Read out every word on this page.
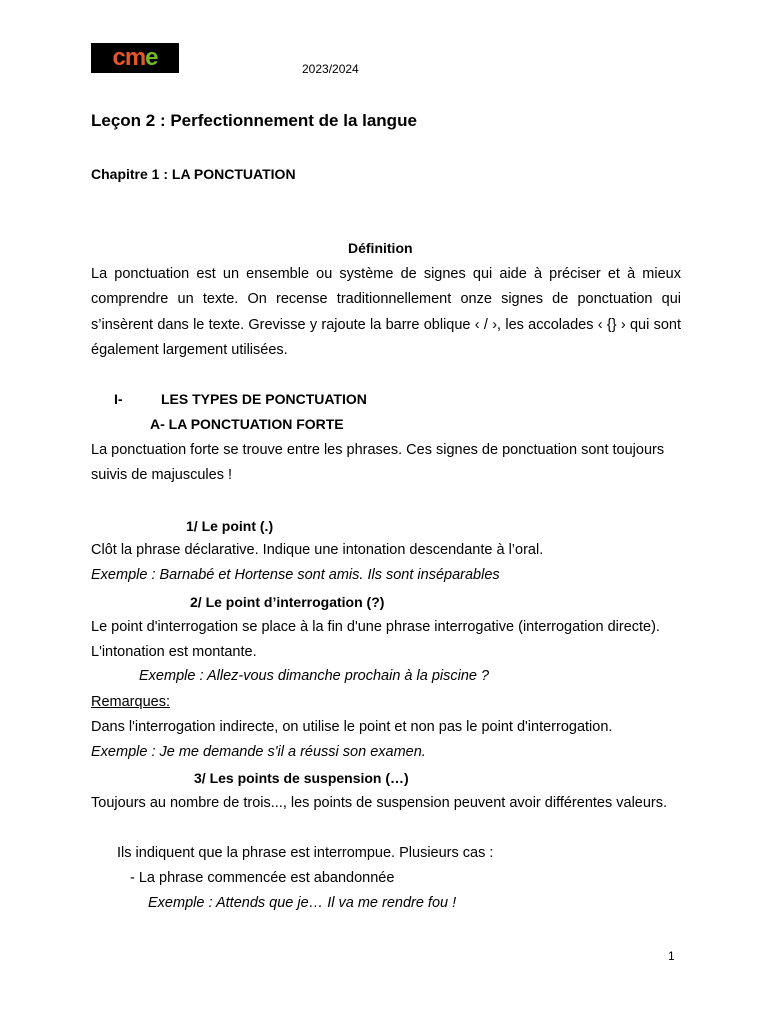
cme	2023/2024
Leçon 2 : Perfectionnement de la langue
Chapitre 1 : LA PONCTUATION
Définition
La ponctuation est un ensemble ou système de signes qui aide à préciser et à mieux comprendre un texte. On recense traditionnellement onze signes de ponctuation qui s’insèrent dans le texte. Grevisse y rajoute la barre oblique ‹ / ›, les accolades ‹ {} › qui sont également largement utilisées.
I-	LES TYPES DE PONCTUATION
A- LA PONCTUATION FORTE
La ponctuation forte se trouve entre les phrases. Ces signes de ponctuation sont toujours suivis de majuscules !
1/ Le point (.)
Clôt la phrase déclarative. Indique une intonation descendante à l’oral.
Exemple : Barnabé et Hortense sont amis. Ils sont inséparables
2/ Le point d’interrogation (?)
Le point d'interrogation se place à la fin d'une phrase interrogative (interrogation directe). L'intonation est montante.
Exemple : Allez-vous dimanche prochain à la piscine ?
Remarques:
Dans l'interrogation indirecte, on utilise le point et non pas le point d'interrogation.
Exemple : Je me demande s'il a réussi son examen.
3/ Les points de suspension (…)
Toujours au nombre de trois..., les points de suspension peuvent avoir différentes valeurs.
Ils indiquent que la phrase est interrompue. Plusieurs cas :
- La phrase commencée est abandonnée
Exemple : Attends que je… Il va me rendre fou !
1
